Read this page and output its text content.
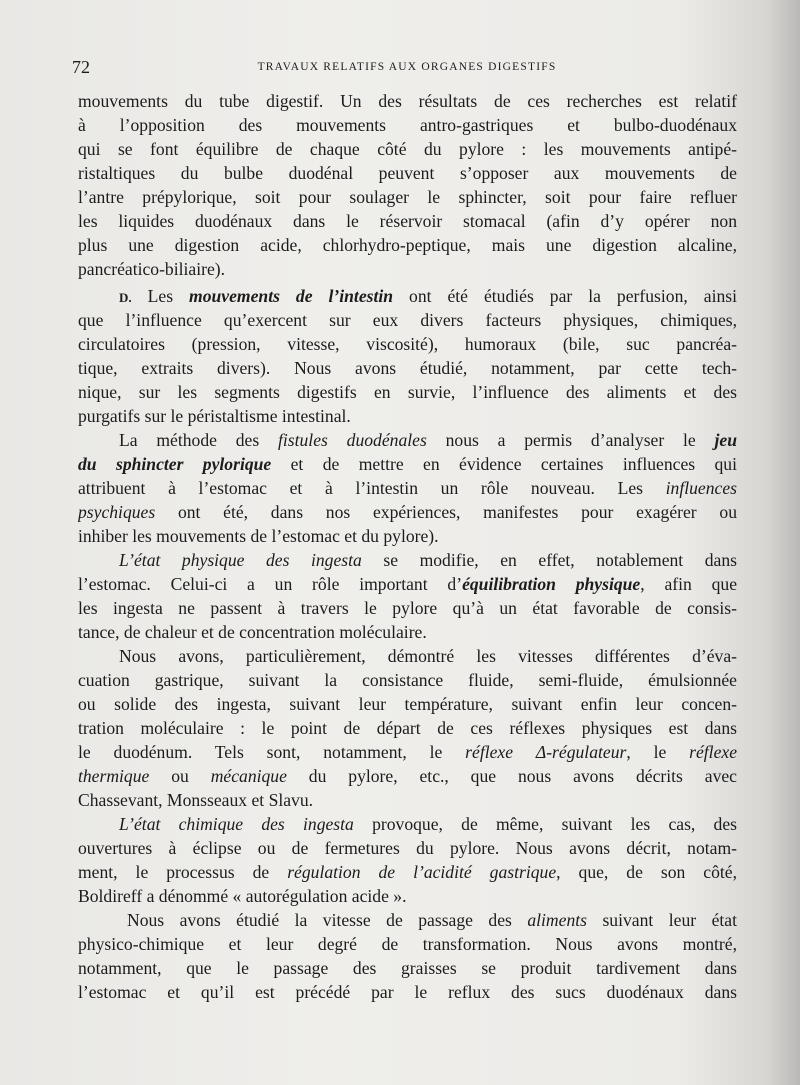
72	TRAVAUX RELATIFS AUX ORGANES DIGESTIFS
mouvements du tube digestif. Un des résultats de ces recherches est relatif
à l’opposition des mouvements antro-gastriques et bulbo-duodénaux
qui se font équilibre de chaque côté du pylore : les mouvements antipé-
ristaltiques du bulbe duodénal peuvent s’opposer aux mouvements de
l’antre prépylorique, soit pour soulager le sphincter, soit pour faire refluer
les liquides duodénaux dans le réservoir stomacal (afin d’y opérer non
plus une digestion acide, chlorhydro-peptique, mais une digestion alcaline,
pancréatico-biliaire).
D. Les mouvements de l’intestin ont été étudiés par la perfusion, ainsi
que l’influence qu’exercent sur eux divers facteurs physiques, chimiques,
circulatoires (pression, vitesse, viscosité), humoraux (bile, suc pancréa-
tique, extraits divers). Nous avons étudié, notamment, par cette tech-
nique, sur les segments digestifs en survie, l’influence des aliments et des
purgatifs sur le péristaltisme intestinal.
La méthode des fistules duodénales nous a permis d’analyser le jeu
du sphincter pylorique et de mettre en évidence certaines influences qui
attribuent à l’estomac et à l’intestin un rôle nouveau. Les influences
psychiques ont été, dans nos expériences, manifestes pour exagérer ou
inhiber les mouvements de l’estomac et du pylore).
L’état physique des ingesta se modifie, en effet, notablement dans
l’estomac. Celui-ci a un rôle important d’équilibration physique, afin que
les ingesta ne passent à travers le pylore qu’à un état favorable de consis-
tance, de chaleur et de concentration moléculaire.
Nous avons, particulièrement, démontré les vitesses différentes d’éva-
cuation gastrique, suivant la consistance fluide, semi-fluide, émulsionnée
ou solide des ingesta, suivant leur température, suivant enfin leur concen-
tration moléculaire : le point de départ de ces réflexes physiques est dans
le duodénum. Tels sont, notamment, le réflexe Δ-régulateur, le réflexe
thermique ou mécanique du pylore, etc., que nous avons décrits avec
Chassevant, Monsseaux et Slavu.
L’état chimique des ingesta provoque, de même, suivant les cas, des
ouvertures à éclipse ou de fermetures du pylore. Nous avons décrit, notam-
ment, le processus de régulation de l’acidité gastrique, que, de son côté,
Boldireff a dénommé « autorégulation acide ».
Nous avons étudié la vitesse de passage des aliments suivant leur état
physico-chimique et leur degré de transformation. Nous avons montré,
notamment, que le passage des graisses se produit tardivement dans
l’estomac et qu’il est précédé par le reflux des sucs duodénaux dans
